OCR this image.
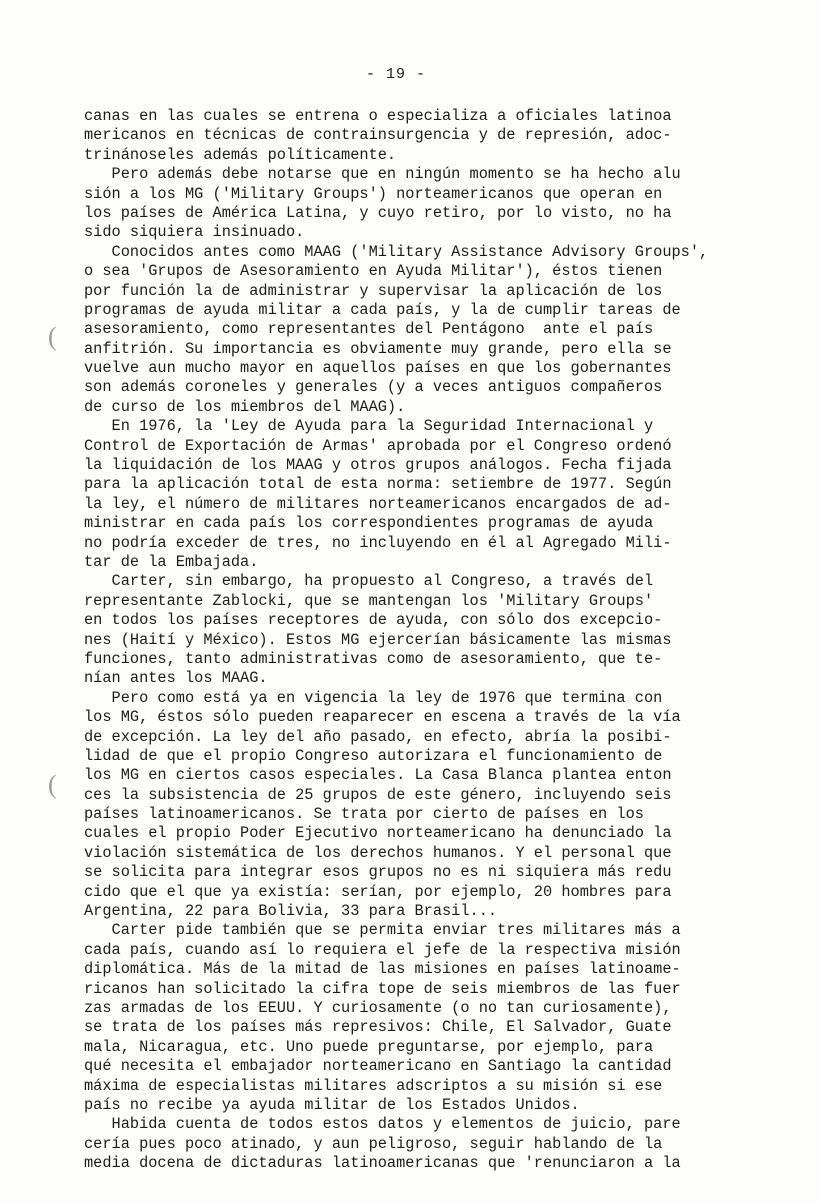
- 19 -
(
(
canas en las cuales se entrena o especializa a oficiales latinoa
mericanos en técnicas de contrainsurgencia y de represión, adoc-
trinánoseles además políticamente.
Pero además debe notarse que en ningún momento se ha hecho alu
sión a los MG ('Military Groups') norteamericanos que operan en
los países de América Latina, y cuyo retiro, por lo visto, no ha
sido siquiera insinuado.
Conocidos antes como MAAG ('Military Assistance Advisory Groups',
o sea 'Grupos de Asesoramiento en Ayuda Militar'), éstos tienen
por función la de administrar y supervisar la aplicación de los
programas de ayuda militar a cada país, y la de cumplir tareas de
asesoramiento, como representantes del Pentágono  ante el país
anfitrión. Su importancia es obviamente muy grande, pero ella se
vuelve aun mucho mayor en aquellos países en que los gobernantes
son además coroneles y generales (y a veces antiguos compañeros
de curso de los miembros del MAAG).
En 1976, la 'Ley de Ayuda para la Seguridad Internacional y
Control de Exportación de Armas' aprobada por el Congreso ordenó
la liquidación de los MAAG y otros grupos análogos. Fecha fijada
para la aplicación total de esta norma: setiembre de 1977. Según
la ley, el número de militares norteamericanos encargados de ad-
ministrar en cada país los correspondientes programas de ayuda
no podría exceder de tres, no incluyendo en él al Agregado Mili-
tar de la Embajada.
Carter, sin embargo, ha propuesto al Congreso, a través del
representante Zablocki, que se mantengan los 'Military Groups'
en todos los países receptores de ayuda, con sólo dos excepcio-
nes (Haití y México). Estos MG ejercerían básicamente las mismas
funciones, tanto administrativas como de asesoramiento, que te-
nían antes los MAAG.
Pero como está ya en vigencia la ley de 1976 que termina con
los MG, éstos sólo pueden reaparecer en escena a través de la vía
de excepción. La ley del año pasado, en efecto, abría la posibi-
lidad de que el propio Congreso autorizara el funcionamiento de
los MG en ciertos casos especiales. La Casa Blanca plantea enton
ces la subsistencia de 25 grupos de este género, incluyendo seis
países latinoamericanos. Se trata por cierto de países en los
cuales el propio Poder Ejecutivo norteamericano ha denunciado la
violación sistemática de los derechos humanos. Y el personal que
se solicita para integrar esos grupos no es ni siquiera más redu
cido que el que ya existía: serían, por ejemplo, 20 hombres para
Argentina, 22 para Bolivia, 33 para Brasil...
Carter pide también que se permita enviar tres militares más a
cada país, cuando así lo requiera el jefe de la respectiva misión
diplomática. Más de la mitad de las misiones en países latinoame-
ricanos han solicitado la cifra tope de seis miembros de las fuer
zas armadas de los EEUU. Y curiosamente (o no tan curiosamente),
se trata de los países más represivos: Chile, El Salvador, Guate
mala, Nicaragua, etc. Uno puede preguntarse, por ejemplo, para
qué necesita el embajador norteamericano en Santiago la cantidad
máxima de especialistas militares adscriptos a su misión si ese
país no recibe ya ayuda militar de los Estados Unidos.
Habida cuenta de todos estos datos y elementos de juicio, pare
cería pues poco atinado, y aun peligroso, seguir hablando de la
media docena de dictaduras latinoamericanas que 'renunciaron a la
